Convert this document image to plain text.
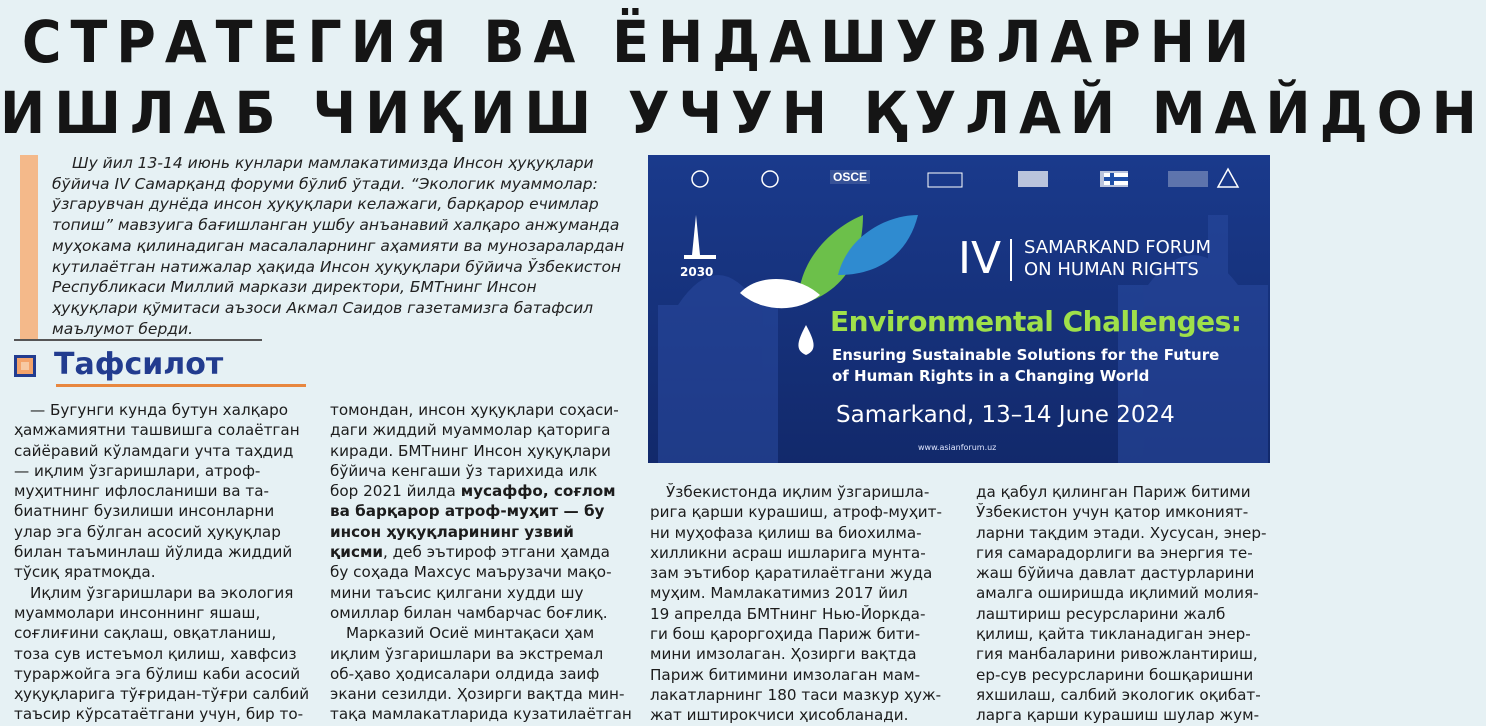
СТРАТЕГИЯ ВА ЁНДАШУВЛАРНИ
ИШЛАБ ЧИҚИШ УЧУН ҚУЛАЙ МАЙДОН
Шу йил 13-14 июнь кунлари мамлакатимизда Инсон ҳуқуқлари
бўйича IV Самарқанд форуми бўлиб ўтади. “Экологик муаммолар:
ўзгарувчан дунёда инсон ҳуқуқлари келажаги, барқарор ечимлар
топиш” мавзуига бағишланган ушбу анъанавий халқаро анжуманда
муҳокама қилинадиган масалаларнинг аҳамияти ва мунозаралардан
кутилаётган натижалар ҳақида Инсон ҳуқуқлари бўйича Ўзбекистон
Республикаси Миллий маркази директори, БМТнинг Инсон
ҳуқуқлари қўмитаси аъзоси Акмал Саидов газетамизга батафсил
маълумот берди.
Тафсилот
— Бугунги кунда бутун халқаро
ҳамжамиятни ташвишга солаётган
сайёравий кўламдаги учта таҳдид
— иқлим ўзгаришлари, атроф-
муҳитнинг ифлосланиши ва та-
биатнинг бузилиши инсонларни
улар эга бўлган асосий ҳуқуқлар
билан таъминлаш йўлида жиддий
тўсиқ яратмоқда.
Иқлим ўзгаришлари ва экология
муаммолари инсоннинг яшаш,
соғлиғини сақлаш, овқатланиш,
тоза сув истеъмол қилиш, хавфсиз
тураржойга эга бўлиш каби асосий
ҳуқуқларига тўғридан-тўғри салбий
таъсир кўрсатаётгани учун, бир то-
томондан, инсон ҳуқуқлари соҳаси-
даги жиддий муаммолар қаторига
киради. БМТнинг Инсон ҳуқуқлари
бўйича кенгаши ўз тарихида илк
бор 2021 йилда мусаффо, соғлом
ва барқарор атроф-муҳит — бу
инсон ҳуқуқларининг узвий
қисми, деб эътироф этгани ҳамда
бу соҳада Махсус маърузачи мақо-
мини таъсис қилгани худди шу
омиллар билан чамбарчас боғлиқ.
Марказий Осиё минтақаси ҳам
иқлим ўзгаришлари ва экстремал
об-ҳаво ҳодисалари олдида заиф
экани сезилди. Ҳозирги вақтда мин-
тақа мамлакатларида кузатилаётган
Ўзбекистонда иқлим ўзгаришла-
рига қарши курашиш, атроф-муҳит-
ни муҳофаза қилиш ва биохилма-
хилликни асраш ишларига мунта-
зам эътибор қаратилаётгани жуда
муҳим. Мамлакатимиз 2017 йил
19 апрелда БМТнинг Нью-Йоркда-
ги бош қароргоҳида Париж бити-
мини имзолаган. Ҳозирги вақтда
Париж битимини имзолаган мам-
лакатларнинг 180 таси мазкур ҳуж-
жат иштирокчиси ҳисобланади.
да қабул қилинган Париж битими
Ўзбекистон учун қатор имконият-
ларни тақдим этади. Хусусан, энер-
гия самарадорлиги ва энергия те-
жаш бўйича давлат дастурларини
амалга оширишда иқлимий молия-
лаштириш ресурсларини жалб
қилиш, қайта тикланадиган энер-
гия манбаларини ривожлантириш,
ер-сув ресурсларини бошқаришни
яхшилаш, салбий экологик оқибат-
ларга қарши курашиш шулар жум-
OSCE
2030	IV SAMARKAND FORUM
ON HUMAN RIGHTS
Environmental Challenges:
Ensuring Sustainable Solutions for the Future
of Human Rights in a Changing World
Samarkand, 13–14 June 2024
www.asianforum.uz
